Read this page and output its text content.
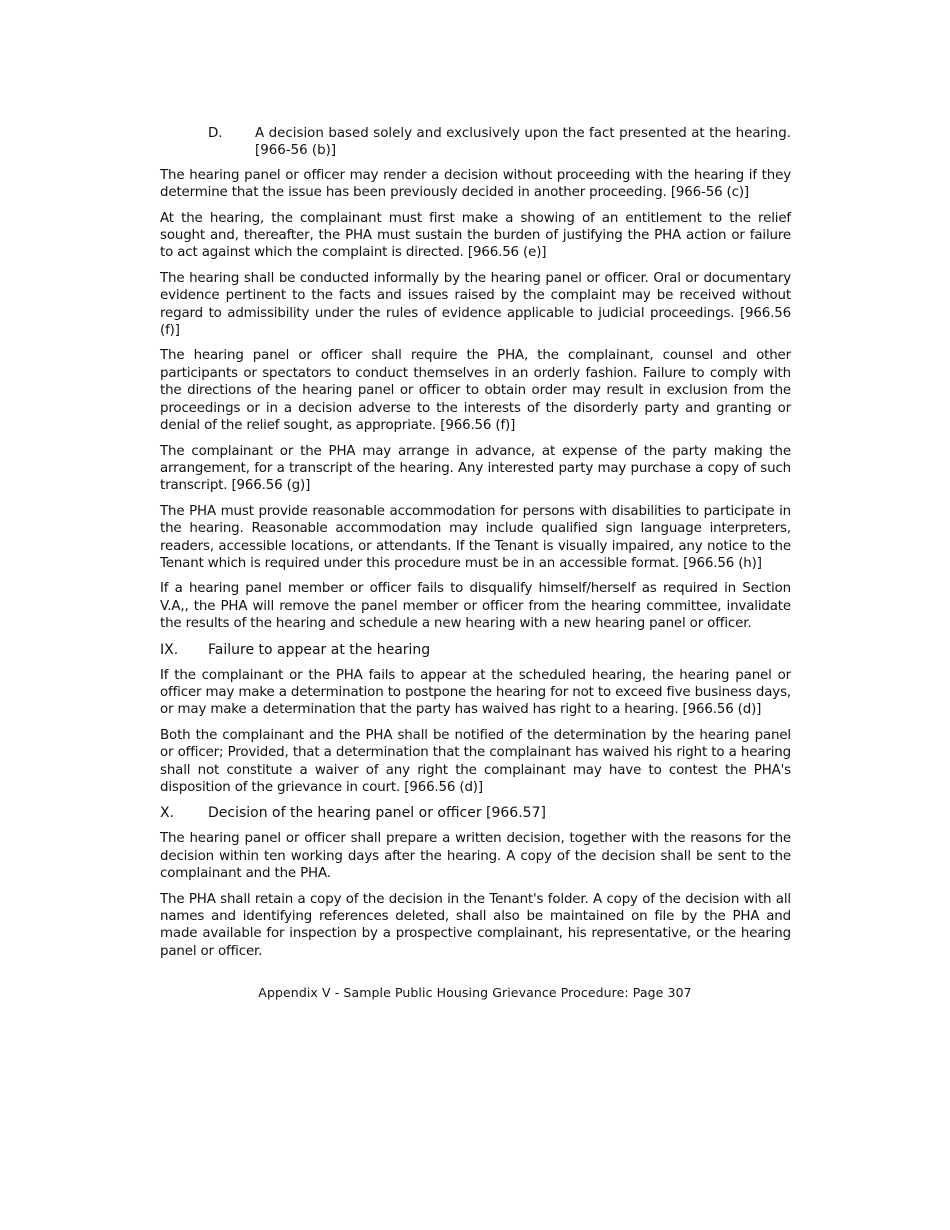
D.	A decision based solely and exclusively upon the fact presented at the hearing. [966-56 (b)]

The hearing panel or officer may render a decision without proceeding with the hearing if they determine that the issue has been previously decided in another proceeding. [966-56 (c)]

At the hearing, the complainant must first make a showing of an entitlement to the relief sought and, thereafter, the PHA must sustain the burden of justifying the PHA action or failure to act against which the complaint is directed. [966.56 (e)]

The hearing shall be conducted informally by the hearing panel or officer. Oral or documentary evidence pertinent to the facts and issues raised by the complaint may be received without regard to admissibility under the rules of evidence applicable to judicial proceedings. [966.56 (f)]

The hearing panel or officer shall require the PHA, the complainant, counsel and other participants or spectators to conduct themselves in an orderly fashion. Failure to comply with the directions of the hearing panel or officer to obtain order may result in exclusion from the proceedings or in a decision adverse to the interests of the disorderly party and granting or denial of the relief sought, as appropriate. [966.56 (f)]

The complainant or the PHA may arrange in advance, at expense of the party making the arrangement, for a transcript of the hearing. Any interested party may purchase a copy of such transcript. [966.56 (g)]

The PHA must provide reasonable accommodation for persons with disabilities to participate in the hearing. Reasonable accommodation may include qualified sign language interpreters, readers, accessible locations, or attendants. If the Tenant is visually impaired, any notice to the Tenant which is required under this procedure must be in an accessible format. [966.56 (h)]

If a hearing panel member or officer fails to disqualify himself/herself as required in Section V.A,, the PHA will remove the panel member or officer from the hearing committee, invalidate the results of the hearing and schedule a new hearing with a new hearing panel or officer.

IX.	Failure to appear at the hearing

If the complainant or the PHA fails to appear at the scheduled hearing, the hearing panel or officer may make a determination to postpone the hearing for not to exceed five business days, or may make a determination that the party has waived has right to a hearing. [966.56 (d)]

Both the complainant and the PHA shall be notified of the determination by the hearing panel or officer; Provided, that a determination that the complainant has waived his right to a hearing shall not constitute a waiver of any right the complainant may have to contest the PHA's disposition of the grievance in court. [966.56 (d)]

X.	Decision of the hearing panel or officer [966.57]

The hearing panel or officer shall prepare a written decision, together with the reasons for the decision within ten working days after the hearing. A copy of the decision shall be sent to the complainant and the PHA.

The PHA shall retain a copy of the decision in the Tenant's folder. A copy of the decision with all names and identifying references deleted, shall also be maintained on file by the PHA and made available for inspection by a prospective complainant, his representative, or the hearing panel or officer.

Appendix V - Sample Public Housing Grievance Procedure: Page 307
